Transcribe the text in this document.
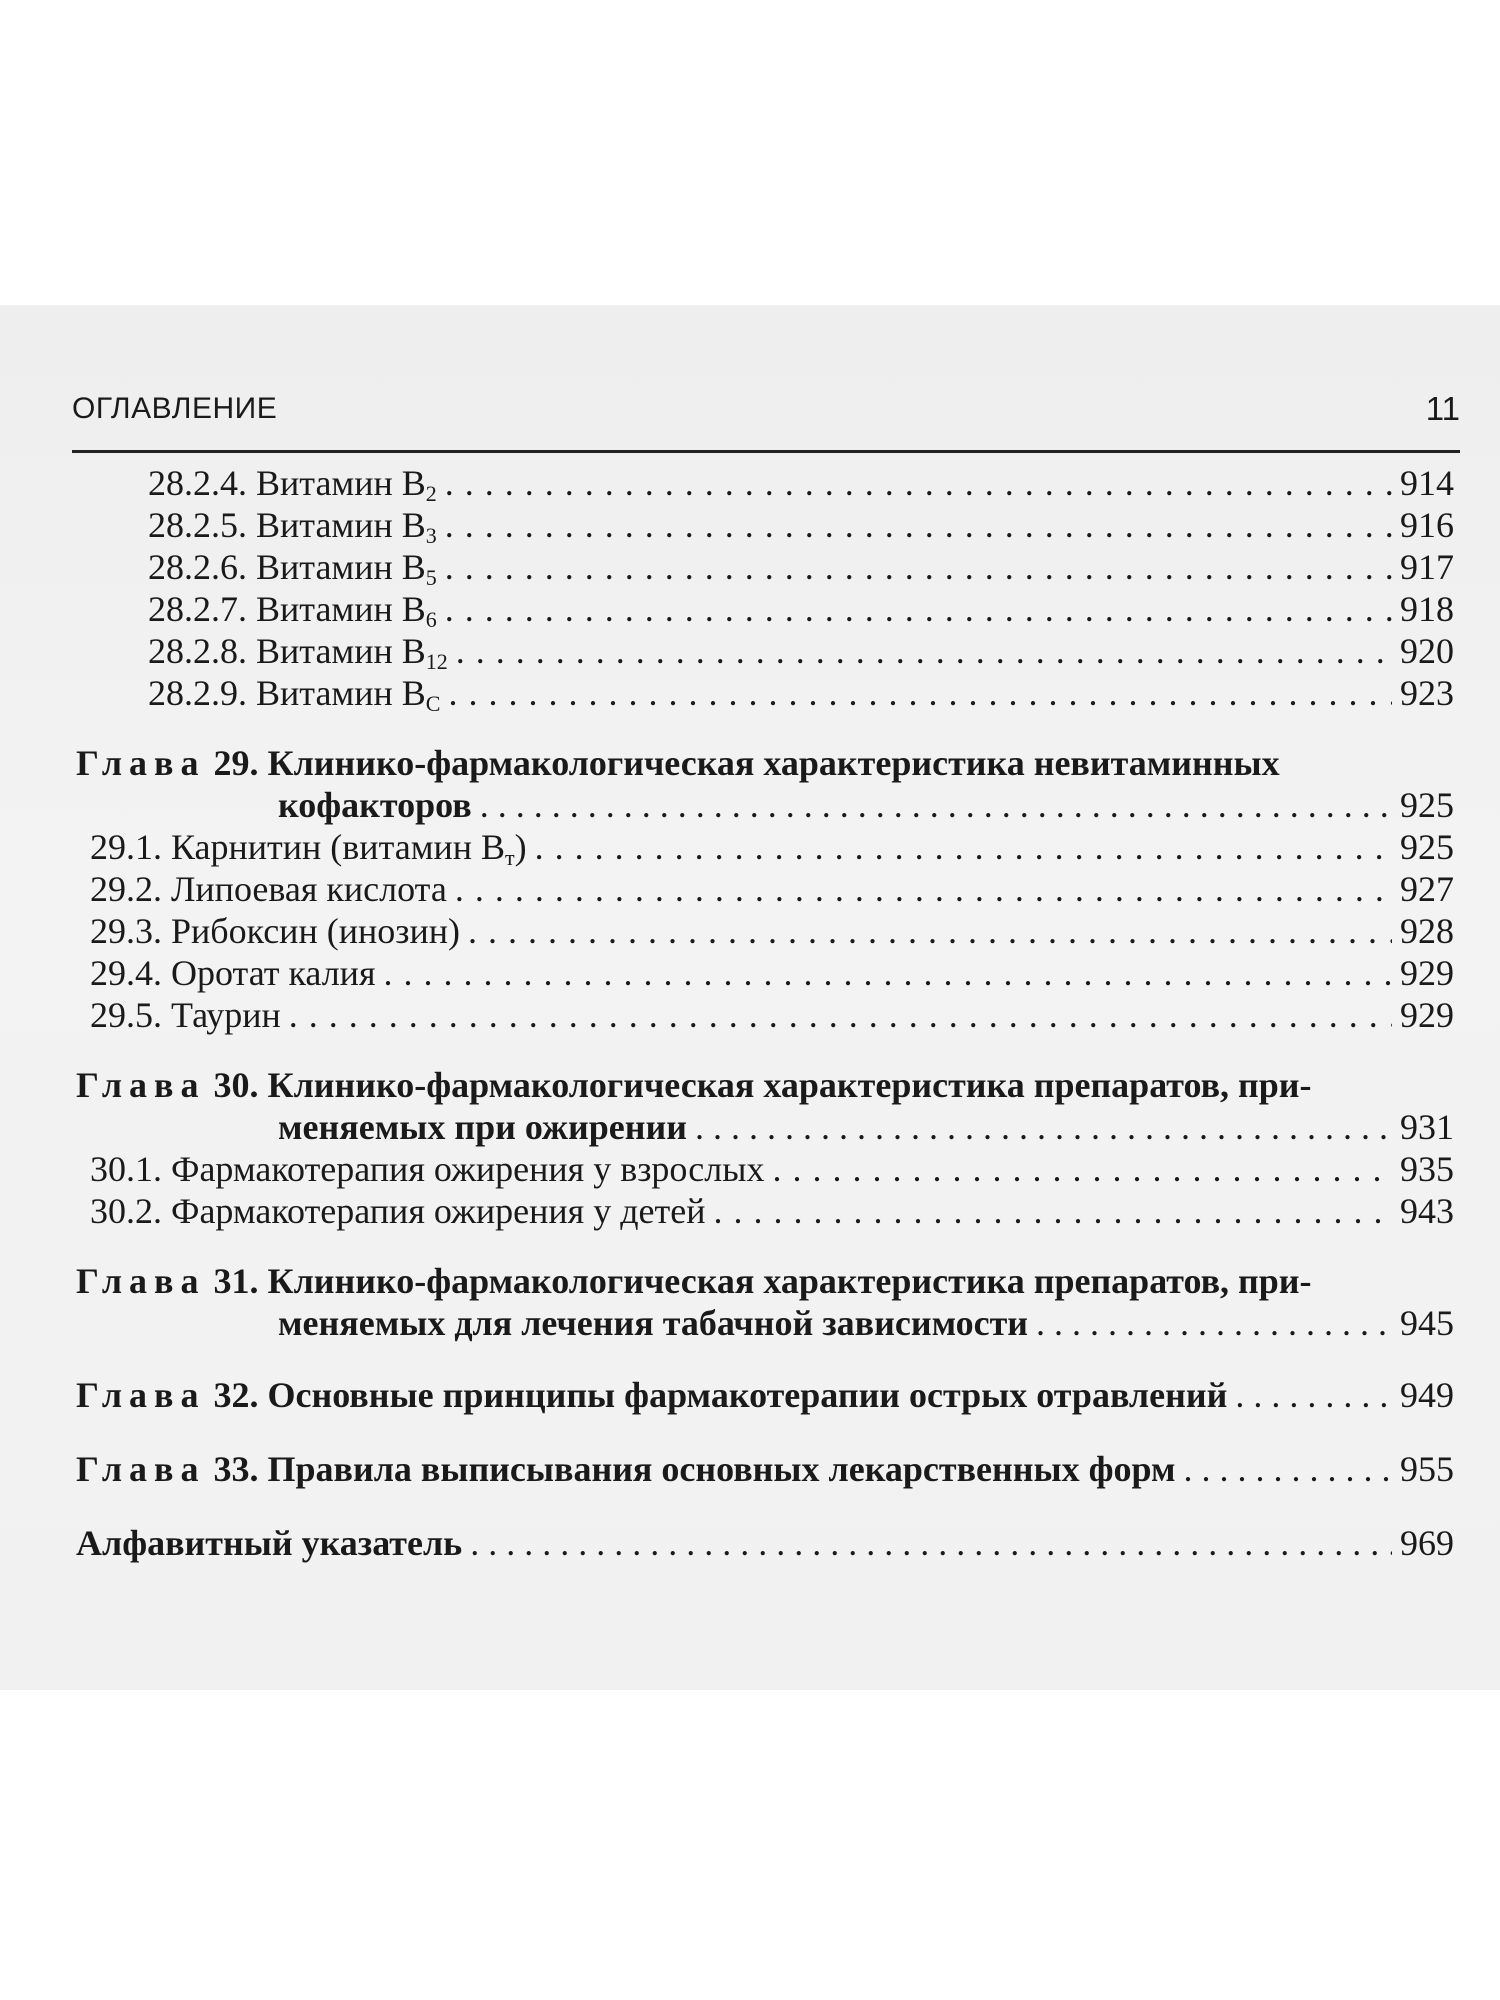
ОГЛАВЛЕНИЕ	11
28.2.4. Витамин $B_2$ . . .	914
28.2.5. Витамин $B_3$ . . .	916
28.2.6. Витамин $B_5$ . . .	917
28.2.7. Витамин $B_6$ . . .	918
28.2.8. Витамин $B_{12}$ . . .	920
28.2.9. Витамин $B_C$ . . .	923
Глава 29. Клинико-фармакологическая характеристика невитаминных
кофакторов . . .	925
29.1. Карнитин (витамин $B_т$) . . .	925
29.2. Липоевая кислота . . .	927
29.3. Рибоксин (инозин) . . .	928
29.4. Оротат калия . . .	929
29.5. Таурин . . .	929
Глава 30. Клинико-фармакологическая характеристика препаратов, при-
меняемых при ожирении . . .	931
30.1. Фармакотерапия ожирения у взрослых . . .	935
30.2. Фармакотерапия ожирения у детей . . .	943
Глава 31. Клинико-фармакологическая характеристика препаратов, при-
меняемых для лечения табачной зависимости . . .	945
Глава 32. Основные принципы фармакотерапии острых отравлений . . .	949
Глава 33. Правила выписывания основных лекарственных форм . . .	955
Алфавитный указатель . . .	969
